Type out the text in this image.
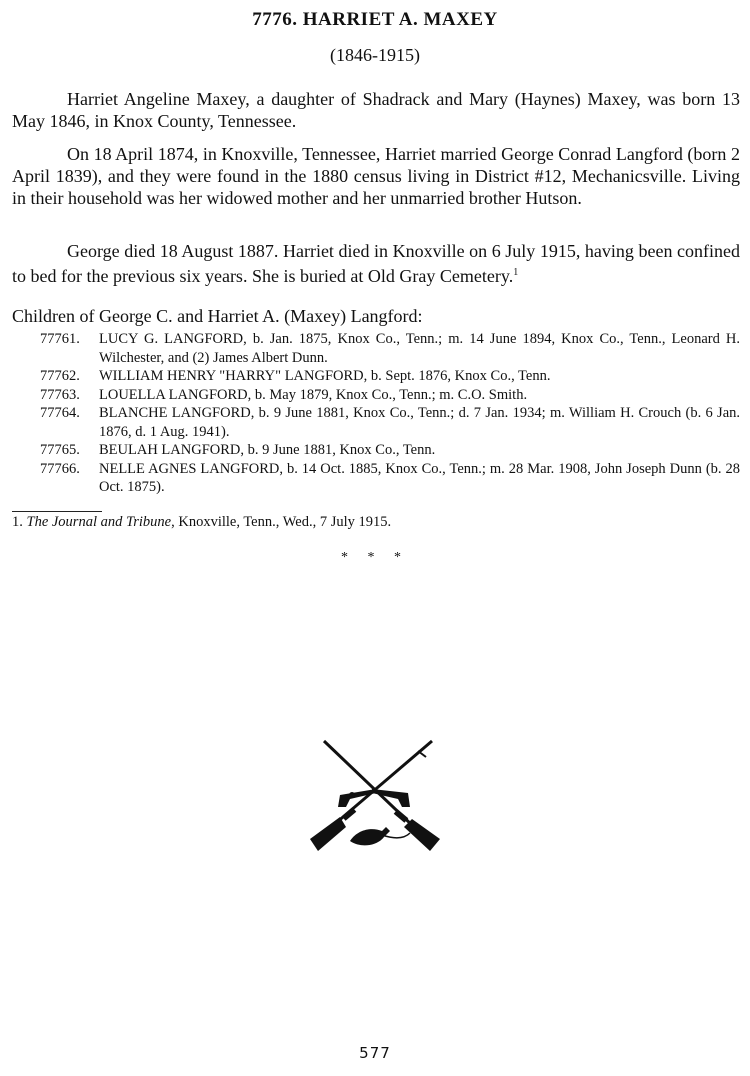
7776. HARRIET A. MAXEY
(1846-1915)

Harriet Angeline Maxey, a daughter of Shadrack and Mary (Haynes) Maxey, was born 13 May 1846, in Knox County, Tennessee.

On 18 April 1874, in Knoxville, Tennessee, Harriet married George Conrad Langford (born 2 April 1839), and they were found in the 1880 census living in District #12, Mechanicsville. Living in their household was her widowed mother and her unmarried brother Hutson.

George died 18 August 1887. Harriet died in Knoxville on 6 July 1915, having been confined to bed for the previous six years. She is buried at Old Gray Cemetery.$^1$

Children of George C. and Harriet A. (Maxey) Langford:

77761.	LUCY G. LANGFORD, b. Jan. 1875, Knox Co., Tenn.; m. 14 June 1894, Knox Co., Tenn., Leonard H. Wilchester, and (2) James Albert Dunn.
77762.	WILLIAM HENRY "HARRY" LANGFORD, b. Sept. 1876, Knox Co., Tenn.
77763.	LOUELLA LANGFORD, b. May 1879, Knox Co., Tenn.; m. C.O. Smith.
77764.	BLANCHE LANGFORD, b. 9 June 1881, Knox Co., Tenn.; d. 7 Jan. 1934; m. William H. Crouch (b. 6 Jan. 1876, d. 1 Aug. 1941).
77765.	BEULAH LANGFORD, b. 9 June 1881, Knox Co., Tenn.
77766.	NELLE AGNES LANGFORD, b. 14 Oct. 1885, Knox Co., Tenn.; m. 28 Mar. 1908, John Joseph Dunn (b. 28 Oct. 1875).
1. The Journal and Tribune, Knoxville, Tenn., Wed., 7 July 1915.
* * *
577
